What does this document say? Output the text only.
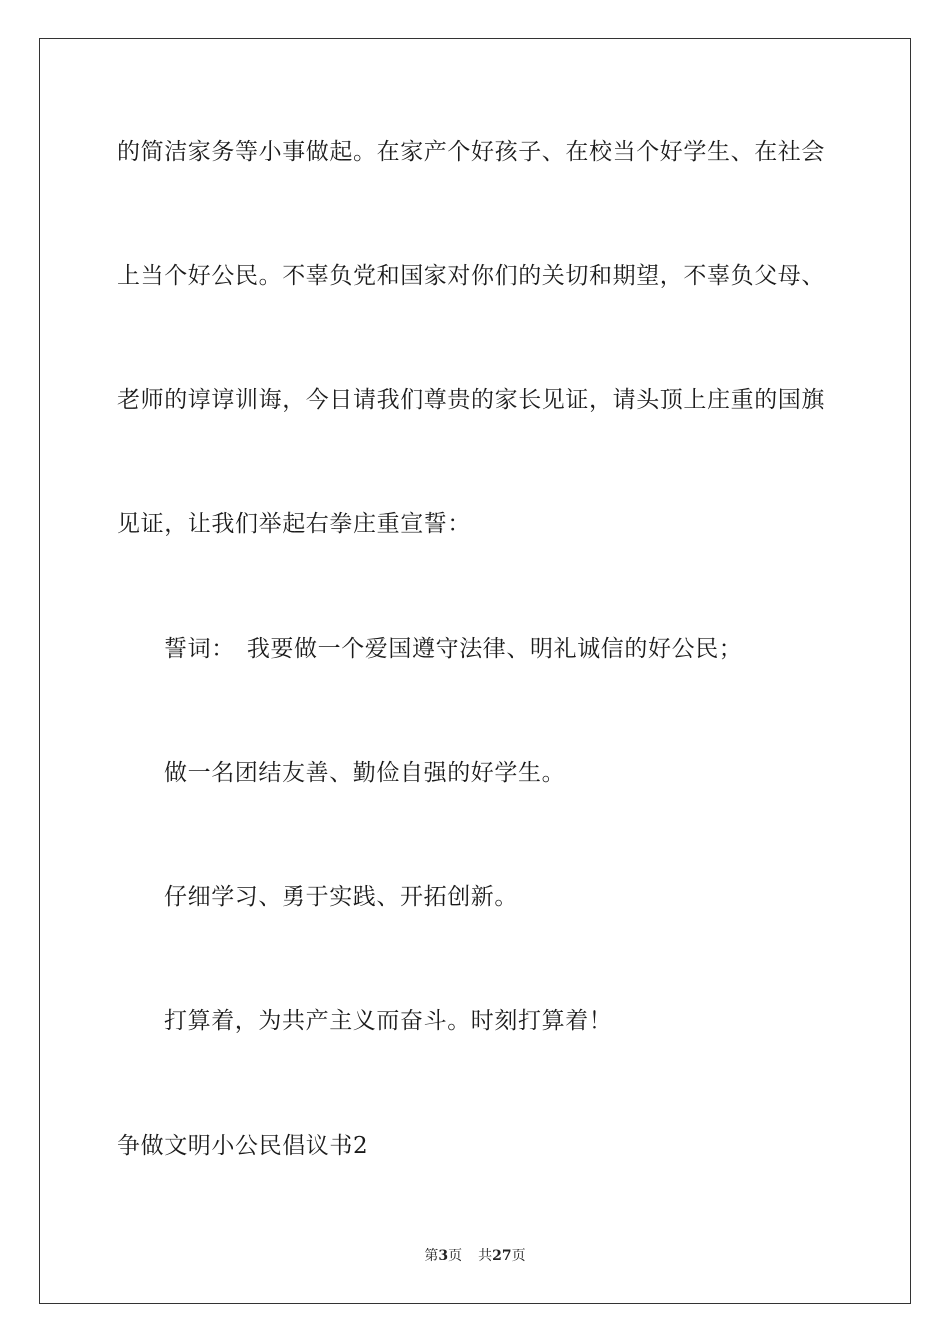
的简洁家务等小事做起。在家产个好孩子、在校当个好学生、在社会
上当个好公民。不辜负党和国家对你们的关切和期望，不辜负父母、
老师的谆谆训诲，今日请我们尊贵的家长见证，请头顶上庄重的国旗
见证，让我们举起右拳庄重宣誓：
誓词： 我要做一个爱国遵守法律、明礼诚信的好公民；
做一名团结友善、勤俭自强的好学生。
仔细学习、勇于实践、开拓创新。
打算着，为共产主义而奋斗。时刻打算着！
争做文明小公民倡议书2
第3页 共27页
